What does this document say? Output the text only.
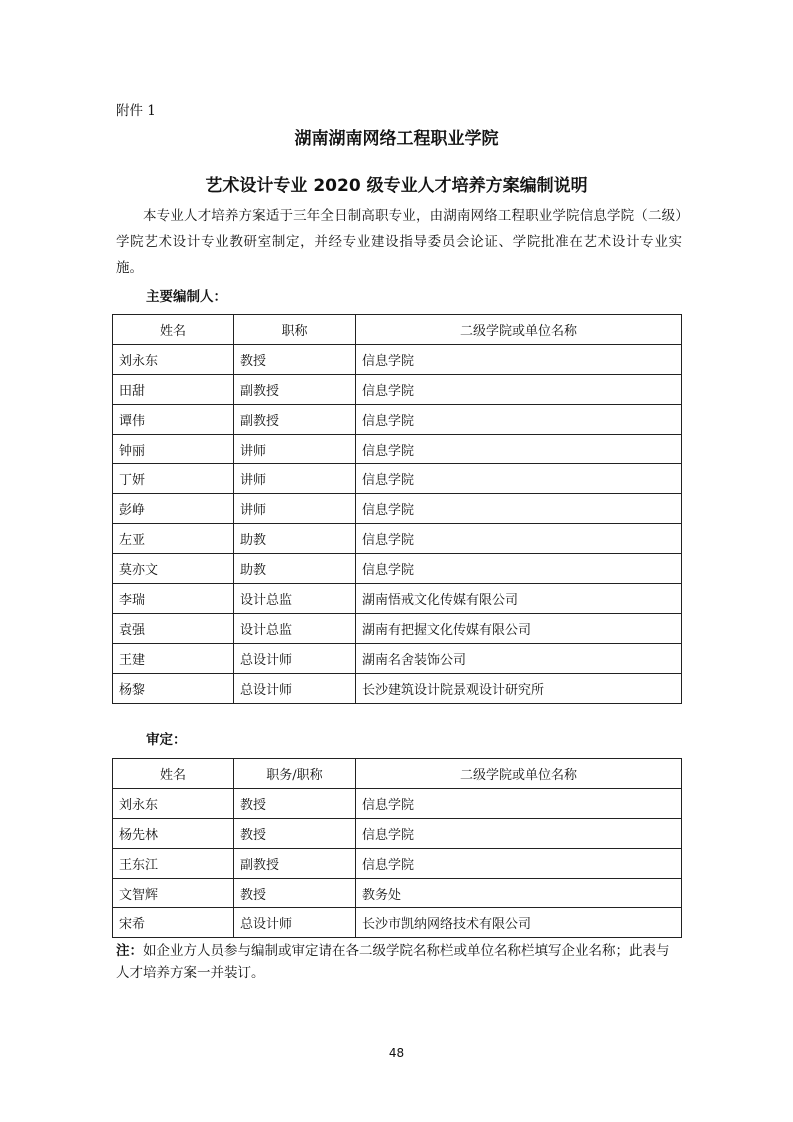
附件 1
湖南湖南网络工程职业学院
艺术设计专业 2020 级专业人才培养方案编制说明

本专业人才培养方案适于三年全日制高职专业，由湖南网络工程职业学院信息学院（二级）学院艺术设计专业教研室制定，并经专业建设指导委员会论证、学院批准在艺术设计专业实施。

主要编制人：
姓名	职称	二级学院或单位名称
刘永东	教授	信息学院
田甜	副教授	信息学院
谭伟	副教授	信息学院
钟丽	讲师	信息学院
丁妍	讲师	信息学院
彭峥	讲师	信息学院
左亚	助教	信息学院
莫亦文	助教	信息学院
李瑞	设计总监	湖南悟戒文化传媒有限公司
袁强	设计总监	湖南有把握文化传媒有限公司
王建	总设计师	湖南名舍装饰公司
杨黎	总设计师	长沙建筑设计院景观设计研究所
审定：
姓名	职务/职称	二级学院或单位名称
刘永东	教授	信息学院
杨先林	教授	信息学院
王东江	副教授	信息学院
文智辉	教授	教务处
宋希	总设计师	长沙市凯纳网络技术有限公司

注：如企业方人员参与编制或审定请在各二级学院名称栏或单位名称栏填写企业名称；此表与人才培养方案一并装订。

48
